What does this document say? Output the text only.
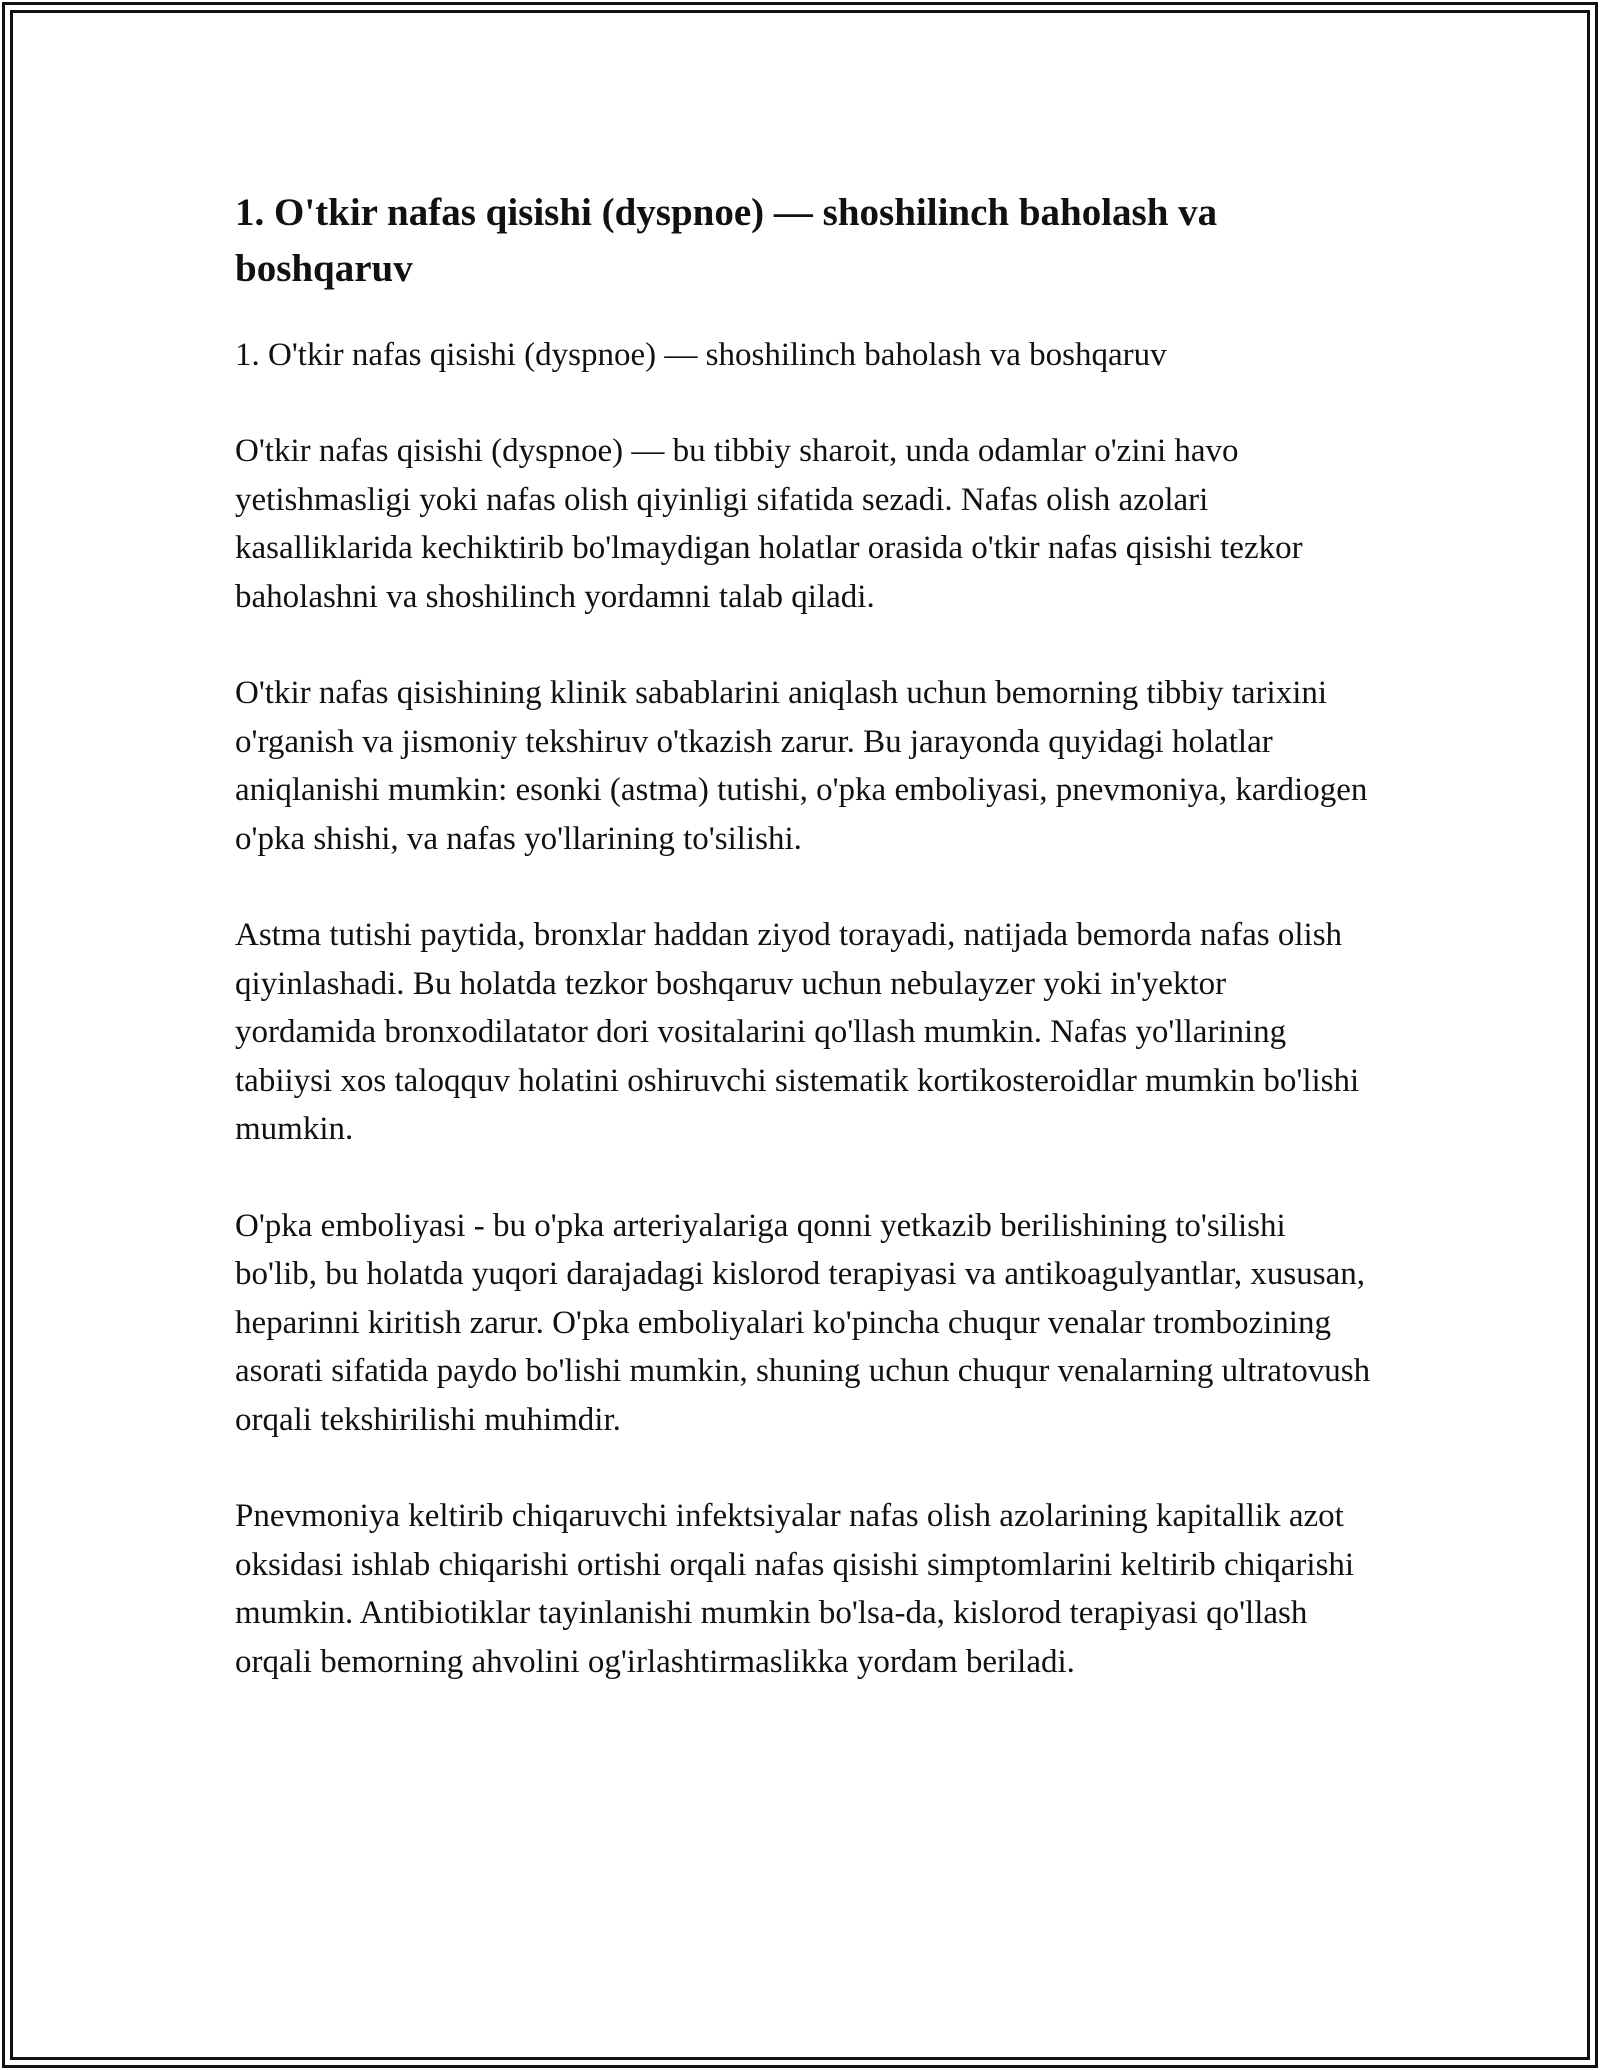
1. O'tkir nafas qisishi (dyspnoe) — shoshilinch baholash va boshqaruv

1. O'tkir nafas qisishi (dyspnoe) — shoshilinch baholash va boshqaruv

O'tkir nafas qisishi (dyspnoe) — bu tibbiy sharoit, unda odamlar o'zini havo yetishmasligi yoki nafas olish qiyinligi sifatida sezadi. Nafas olish azolari kasalliklarida kechiktirib bo'lmaydigan holatlar orasida o'tkir nafas qisishi tezkor baholashni va shoshilinch yordamni talab qiladi.

O'tkir nafas qisishining klinik sabablarini aniqlash uchun bemorning tibbiy tarixini o'rganish va jismoniy tekshiruv o'tkazish zarur. Bu jarayonda quyidagi holatlar aniqlanishi mumkin: esonki (astma) tutishi, o'pka emboliyasi, pnevmoniya, kardiogen o'pka shishi, va nafas yo'llarining to'silishi.

Astma tutishi paytida, bronxlar haddan ziyod torayadi, natijada bemorda nafas olish qiyinlashadi. Bu holatda tezkor boshqaruv uchun nebulayzer yoki in'yektor yordamida bronxodilatator dori vositalarini qo'llash mumkin. Nafas yo'llarining tabiiysi xos taloqquv holatini oshiruvchi sistematik kortikosteroidlar mumkin bo'lishi mumkin.

O'pka emboliyasi - bu o'pka arteriyalariga qonni yetkazib berilishining to'silishi bo'lib, bu holatda yuqori darajadagi kislorod terapiyasi va antikoagulyantlar, xususan, heparinni kiritish zarur. O'pka emboliyalari ko'pincha chuqur venalar trombozining asorati sifatida paydo bo'lishi mumkin, shuning uchun chuqur venalarning ultratovush orqali tekshirilishi muhimdir.

Pnevmoniya keltirib chiqaruvchi infektsiyalar nafas olish azolarining kapitallik azot oksidasi ishlab chiqarishi ortishi orqali nafas qisishi simptomlarini keltirib chiqarishi mumkin. Antibiotiklar tayinlanishi mumkin bo'lsa-da, kislorod terapiyasi qo'llash orqali bemorning ahvolini og'irlashtirmaslikka yordam beriladi.
